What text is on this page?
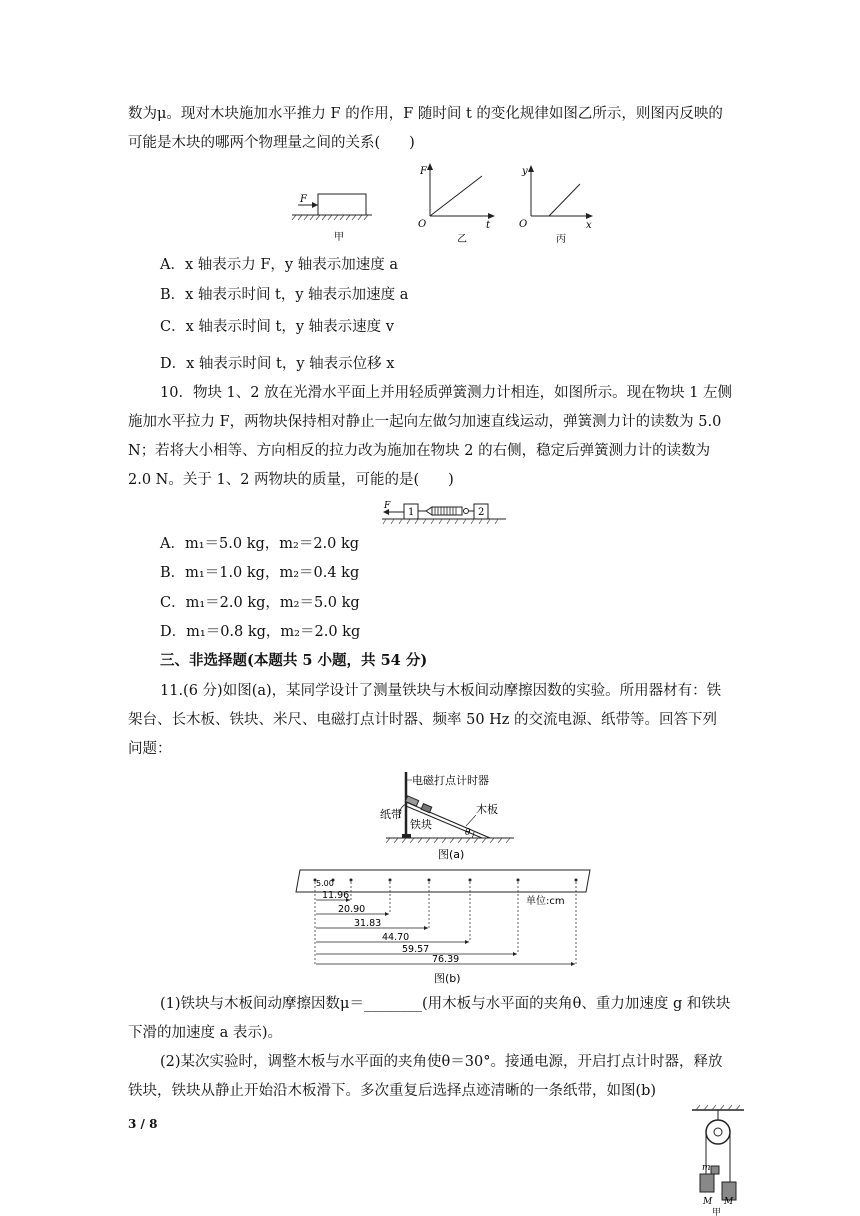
数为μ。现对木块施加水平推力 F 的作用，F 随时间 t 的变化规律如图乙所示，则图丙反映的
可能是木块的哪两个物理量之间的关系(　　)
F
甲
F
O	t
乙
y
O	x
丙
A．x 轴表示力 F，y 轴表示加速度 a
B．x 轴表示时间 t，y 轴表示加速度 a
C．x 轴表示时间 t，y 轴表示速度 v
D．x 轴表示时间 t，y 轴表示位移 x
10．物块 1、2 放在光滑水平面上并用轻质弹簧测力计相连，如图所示。现在物块 1 左侧
施加水平拉力 F，两物块保持相对静止一起向左做匀加速直线运动，弹簧测力计的读数为 5.0
N；若将大小相等、方向相反的拉力改为施加在物块 2 的右侧，稳定后弹簧测力计的读数为
2.0 N。关于 1、2 两物块的质量，可能的是(　　)
F
1	2
A．m₁＝5.0 kg，m₂＝2.0 kg
B．m₁＝1.0 kg，m₂＝0.4 kg
C．m₁＝2.0 kg，m₂＝5.0 kg
D．m₁＝0.8 kg，m₂＝2.0 kg
三、非选择题(本题共 5 小题，共 54 分)
11.(6 分)如图(a)，某同学设计了测量铁块与木板间动摩擦因数的实验。所用器材有：铁
架台、长木板、铁块、米尺、电磁打点计时器、频率 50 Hz 的交流电源、纸带等。回答下列
问题：
θ
电磁打点计时器
木板
纸带
铁块
图(a)
5.00
11.96
20.90
31.83
44.70
59.57
76.39
单位:cm
图(b)
(1)铁块与木板间动摩擦因数μ＝________(用木板与水平面的夹角θ、重力加速度 g 和铁块
下滑的加速度 a 表示)。
(2)某次实验时，调整木板与水平面的夹角使θ＝30°。接通电源，开启打点计时器，释放
铁块，铁块从静止开始沿木板滑下。多次重复后选择点迹清晰的一条纸带，如图(b)
3 / 8
m
M M
甲
